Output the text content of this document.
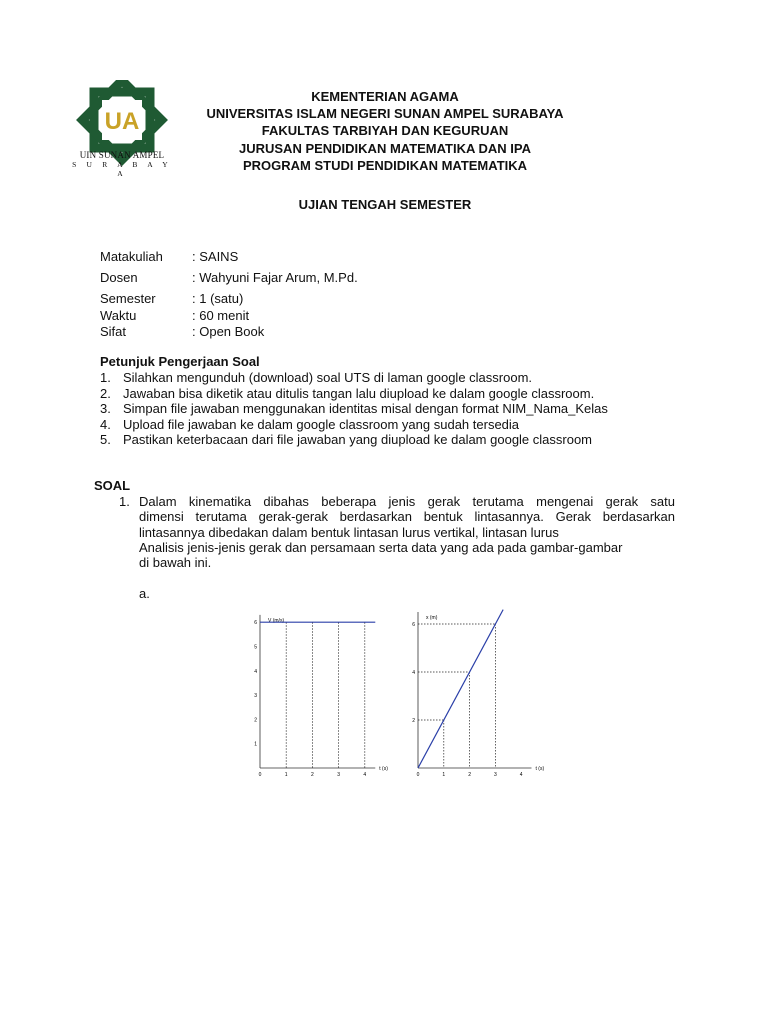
UA
UIN SUNAN AMPEL
S U R A B A Y A
KEMENTERIAN AGAMA
UNIVERSITAS ISLAM NEGERI SUNAN AMPEL SURABAYA
FAKULTAS TARBIYAH DAN KEGURUAN
JURUSAN PENDIDIKAN MATEMATIKA DAN IPA
PROGRAM STUDI PENDIDIKAN MATEMATIKA
UJIAN TENGAH SEMESTER
Matakuliah : SAINS
Dosen	: Wahyuni Fajar Arum, M.Pd.
Semester	: 1 (satu)
Waktu	: 60 menit
Sifat	: Open Book
Petunjuk Pengerjaan Soal
1. Silahkan mengunduh (download) soal UTS di laman google classroom.
2. Jawaban bisa diketik atau ditulis tangan lalu diupload ke dalam google classroom.
3. Simpan file jawaban menggunakan identitas misal dengan format NIM_Nama_Kelas
4. Upload file jawaban ke dalam google classroom yang sudah tersedia
5. Pastikan keterbacaan dari file jawaban yang diupload ke dalam google classroom
SOAL
1. Dalam kinematika dibahas beberapa jenis gerak terutama mengenai gerak satu
dimensi terutama gerak-gerak berdasarkan bentuk lintasannya. Gerak berdasarkan
lintasannya dibedakan dalam bentuk lintasan lurus vertikal, lintasan lurus
Analisis jenis-jenis gerak dan persamaan serta data yang ada pada gambar-gambar
di bawah ini.
a.
V (m/s)
t (s)
0	1	2	3	4
1
2
3
4
5
6
x (m)
t (s)
0	1	2	3	4
2
4
6
